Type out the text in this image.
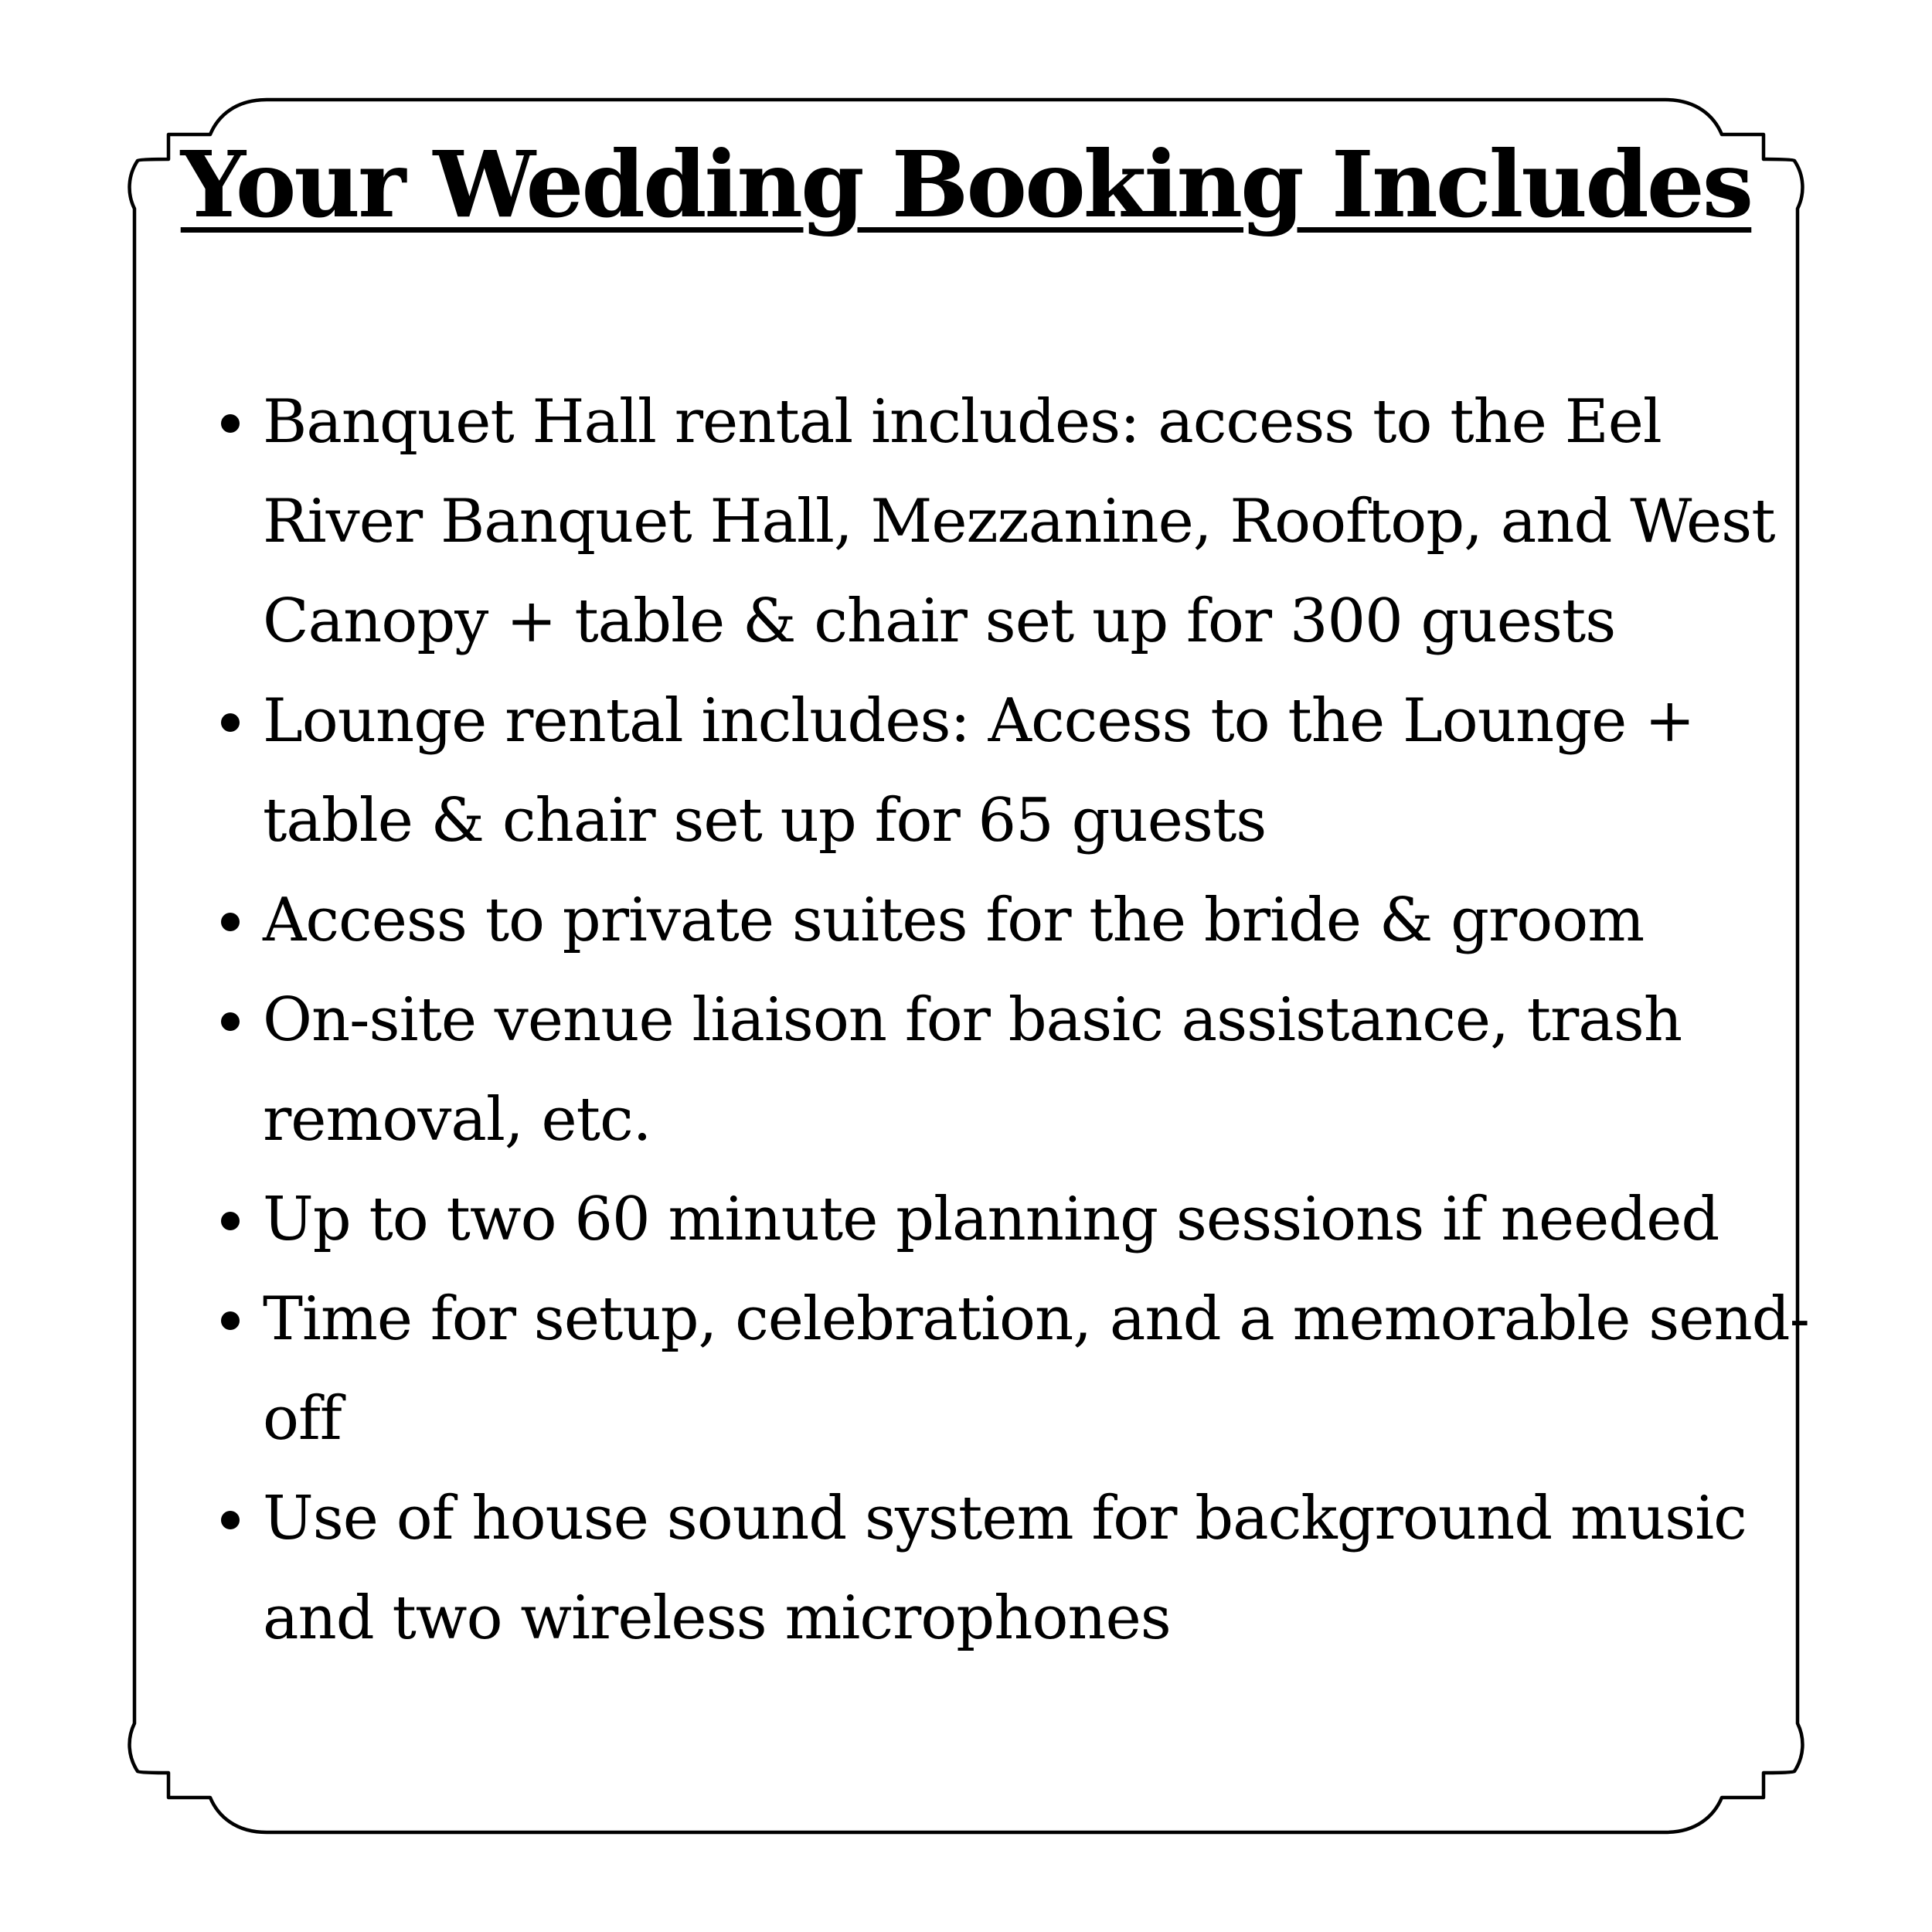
Your Wedding Booking Includes
Banquet Hall rental includes: access to the Eel River Banquet Hall, Mezzanine, Rooftop, and West Canopy + table & chair set up for 300 guests
Lounge rental includes: Access to the Lounge + table & chair set up for 65 guests
Access to private suites for the bride & groom
On-site venue liaison for basic assistance, trash removal, etc.
Up to two 60 minute planning sessions if needed
Time for setup, celebration, and a memorable send-off
Use of house sound system for background music and two wireless microphones
